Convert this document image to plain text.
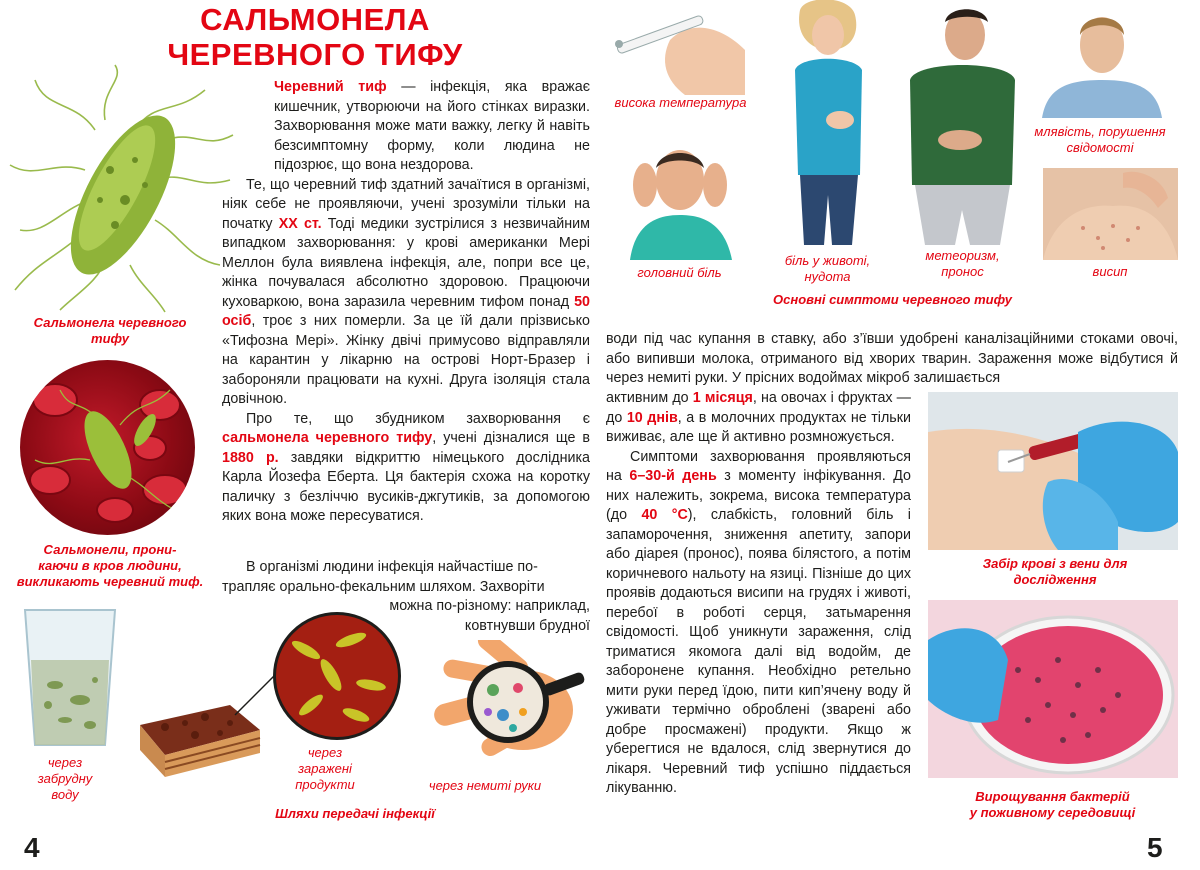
САЛЬМОНЕЛА
ЧЕРЕВНОГО ТИФУ
Сальмонела черевного тифу
Сальмонели, прони-
каючи в кров людини,
викликають черевний тиф.

Черевний тиф — інфекція, яка вражає кишечник, утворюючи на його стінках виразки. Захворювання може мати важку, легку й навіть безсимптомну форму, коли людина не підозрює, що вона нездорова.

Те, що черевний тиф здатний зачаїтися в організмі, ніяк себе не проявляючи, учені зрозуміли тільки на початку XX ст. Тоді медики зустрілися з незвичайним випадком захворювання: у крові американки Мері Меллон була виявлена інфекція, але, попри все це, жінка почувалася абсолютно здоровою. Працюючи куховаркою, вона заразила черевним тифом понад 50 осіб, троє з них померли. За це їй дали прізвисько «Тифозна Мері». Жінку двічі примусово відправляли на карантин у лікарню на острові Норт-Бразер і забороняли працювати на кухні. Друга ізоляція стала довічною.

Про те, що збудником захворювання є сальмонела черевного тифу, учені дізналися ще в 1880 р. завдяки відкриттю німецького дослідника Карла Йозефа Еберта. Ця бактерія схожа на коротку паличку з безліччю вусиків-джгутиків, за допомогою яких вона може пересуватися.

В організмі людини інфекція найчастіше по-
трапляє орально-фекальним шляхом. Захворіти
можна по-різному: наприклад,
ковтнувши брудної
через
забрудну
воду
через
заражені
продукти	через немиті руки
Шляхи передачі інфекції
4
висока температура
головний біль
біль у животі,
нудота
метеоризм,
пронос
млявість, порушення
свідомості
висип
Основні симптоми черевного тифу
води під час купання в ставку, або з’ївши удобрені каналізаційними стоками овочі, або випивши молока, отриманого від хворих тварин. Зараження може відбутися й через немиті руки. У прісних водоймах мікроб залишається

активним до 1 місяця, на овочах і фруктах — до 10 днів, а в молочних продуктах не тільки виживає, але ще й активно розмножується.

Симптоми захворювання проявляються на 6–30-й день з моменту інфікування. До них належить, зокрема, висока температура (до 40 °С), слабкість, головний біль і запаморочення, зниження апетиту, запори або діарея (пронос), поява білястого, а потім коричневого нальоту на язиці. Пізніше до цих проявів додаються висипи на грудях і животі, перебої в роботі серця, затьмарення свідомості. Щоб уникнути зараження, слід триматися якомога далі від водойм, де заборонене купання. Необхідно ретельно мити руки перед їдою, пити кип’ячену воду й уживати термічно оброблені (зварені або добре просмажені) продукти. Якщо ж уберегтися не вдалося, слід звернутися до лікаря. Черевний тиф успішно піддається лікуванню.

Забір крові з вени для
дослідження
Вирощування бактерій
у поживному середовищі
5
